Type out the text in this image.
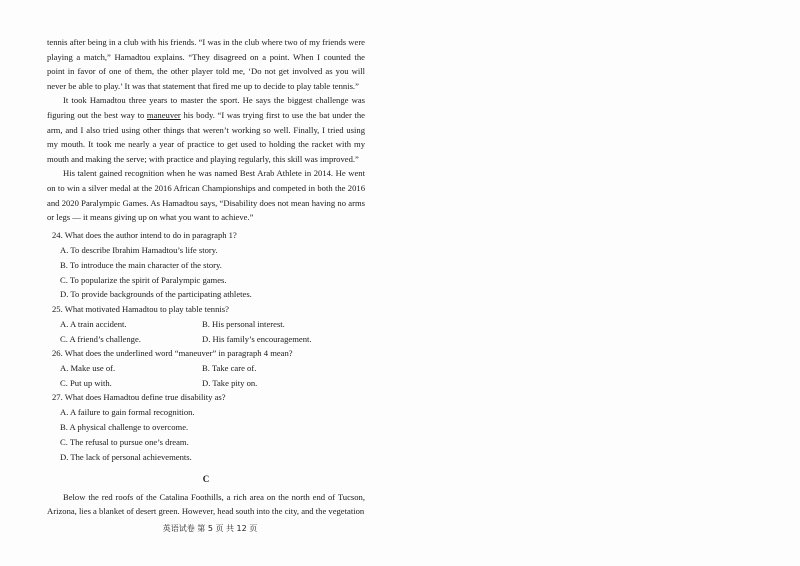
tennis after being in a club with his friends. “I was in the club where two of my friends were playing a match,” Hamadtou explains. “They disagreed on a point. When I counted the point in favor of one of them, the other player told me, ‘Do not get involved as you will never be able to play.’ It was that statement that fired me up to decide to play table tennis.”

It took Hamadtou three years to master the sport. He says the biggest challenge was figuring out the best way to maneuver his body. “I was trying first to use the bat under the arm, and I also tried using other things that weren’t working so well. Finally, I tried using my mouth. It took me nearly a year of practice to get used to holding the racket with my mouth and making the serve; with practice and playing regularly, this skill was improved.”

His talent gained recognition when he was named Best Arab Athlete in 2014. He went on to win a silver medal at the 2016 African Championships and competed in both the 2016 and 2020 Paralympic Games. As Hamadtou says, “Disability does not mean having no arms or legs — it means giving up on what you want to achieve.”

24. What does the author intend to do in paragraph 1?
A. To describe Ibrahim Hamadtou’s life story.
B. To introduce the main character of the story.
C. To popularize the spirit of Paralympic games.
D. To provide backgrounds of the participating athletes.
25. What motivated Hamadtou to play table tennis?
A. A train accident.	B. His personal interest.
C. A friend’s challenge.	D. His family’s encouragement.
26. What does the underlined word “maneuver” in paragraph 4 mean?
A. Make use of.	B. Take care of.
C. Put up with.	D. Take pity on.
27. What does Hamadtou define true disability as?
A. A failure to gain formal recognition.
B. A physical challenge to overcome.
C. The refusal to pursue one’s dream.
D. The lack of personal achievements.
C

Below the red roofs of the Catalina Foothills, a rich area on the north end of Tucson, Arizona, lies a blanket of desert green. However, head south into the city, and the vegetation

英语试卷 第 5 页 共 12 页
